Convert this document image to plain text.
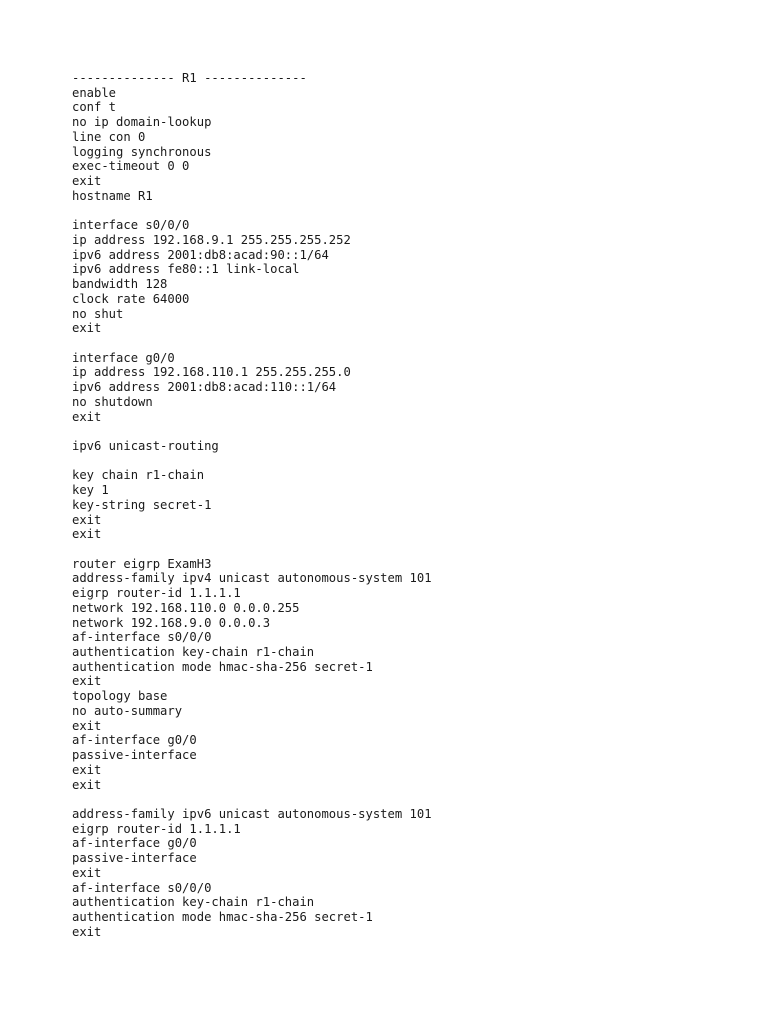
-------------- R1 --------------
enable
conf t
no ip domain-lookup
line con 0
logging synchronous
exec-timeout 0 0
exit
hostname R1
interface s0/0/0
ip address 192.168.9.1 255.255.255.252
ipv6 address 2001:db8:acad:90::1/64
ipv6 address fe80::1 link-local
bandwidth 128
clock rate 64000
no shut
exit
interface g0/0
ip address 192.168.110.1 255.255.255.0
ipv6 address 2001:db8:acad:110::1/64
no shutdown
exit
ipv6 unicast-routing
key chain r1-chain
key 1
key-string secret-1
exit
exit
router eigrp ExamH3
address-family ipv4 unicast autonomous-system 101
eigrp router-id 1.1.1.1
network 192.168.110.0 0.0.0.255
network 192.168.9.0 0.0.0.3
af-interface s0/0/0
authentication key-chain r1-chain
authentication mode hmac-sha-256 secret-1
exit
topology base
no auto-summary
exit
af-interface g0/0
passive-interface
exit
exit
address-family ipv6 unicast autonomous-system 101
eigrp router-id 1.1.1.1
af-interface g0/0
passive-interface
exit
af-interface s0/0/0
authentication key-chain r1-chain
authentication mode hmac-sha-256 secret-1
exit
